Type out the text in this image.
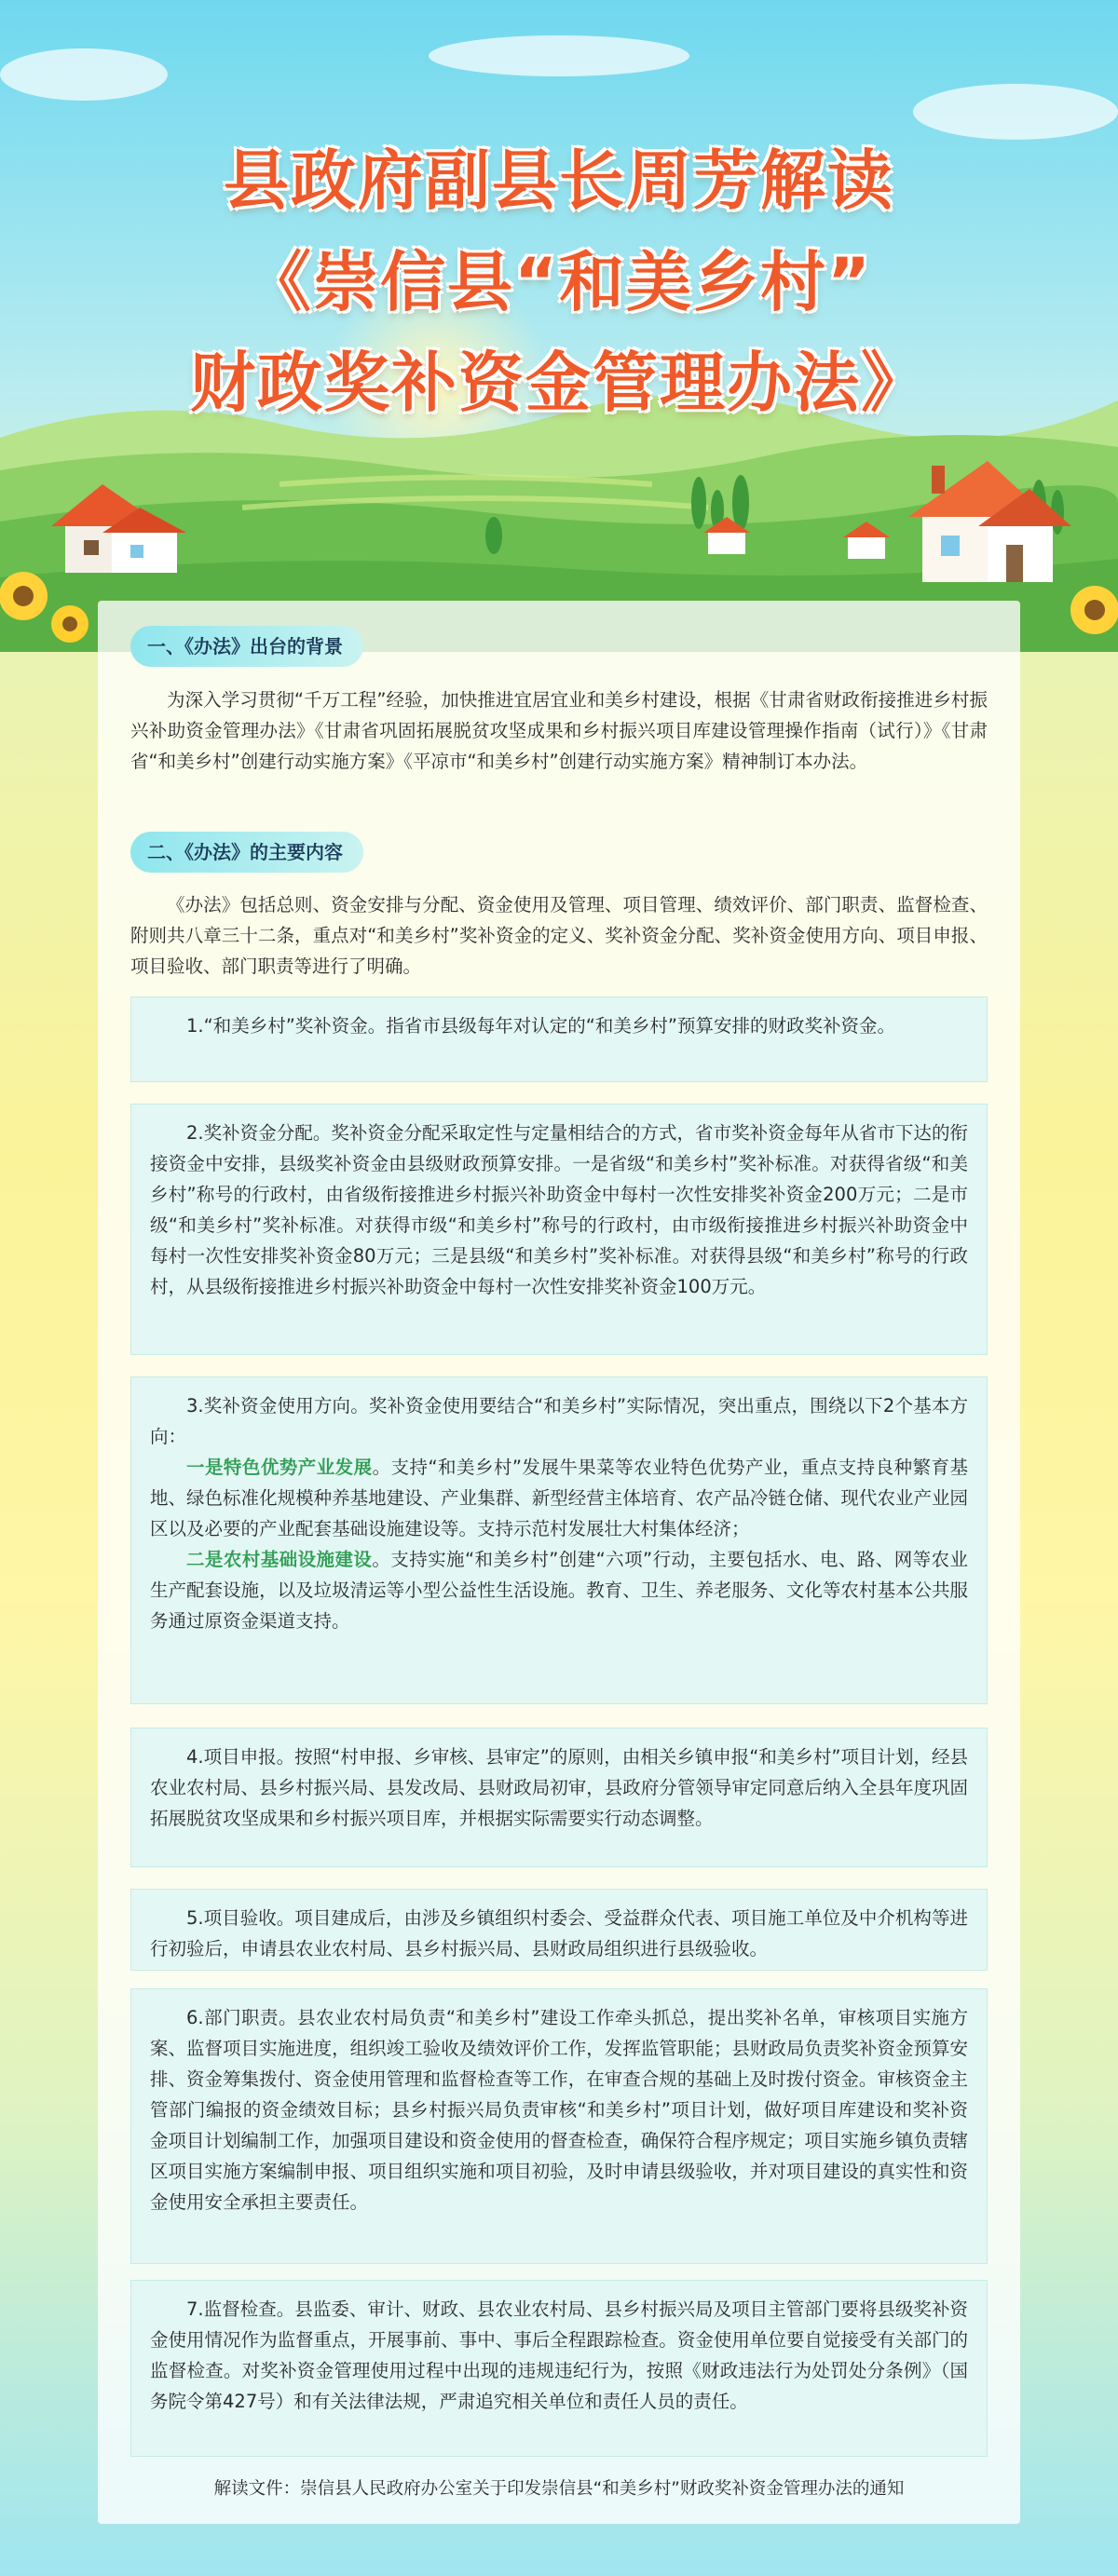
县政府副县长周芳解读
《崇信县“和美乡村”
财政奖补资金管理办法》
一、《办法》出台的背景

为深入学习贯彻“千万工程”经验，加快推进宜居宜业和美乡村建设，根据《甘肃省财政衔接推进乡村振兴补助资金管理办法》《甘肃省巩固拓展脱贫攻坚成果和乡村振兴项目库建设管理操作指南（试行）》《甘肃省“和美乡村”创建行动实施方案》《平凉市“和美乡村”创建行动实施方案》精神制订本办法。

二、《办法》的主要内容

《办法》包括总则、资金安排与分配、资金使用及管理、项目管理、绩效评价、部门职责、监督检查、附则共八章三十二条，重点对“和美乡村”奖补资金的定义、奖补资金分配、奖补资金使用方向、项目申报、项目验收、部门职责等进行了明确。

1.“和美乡村”奖补资金。指省市县级每年对认定的“和美乡村”预算安排的财政奖补资金。

2.奖补资金分配。奖补资金分配采取定性与定量相结合的方式，省市奖补资金每年从省市下达的衔接资金中安排，县级奖补资金由县级财政预算安排。一是省级“和美乡村”奖补标准。对获得省级“和美乡村”称号的行政村，由省级衔接推进乡村振兴补助资金中每村一次性安排奖补资金200万元；二是市级“和美乡村”奖补标准。对获得市级“和美乡村”称号的行政村，由市级衔接推进乡村振兴补助资金中每村一次性安排奖补资金80万元；三是县级“和美乡村”奖补标准。对获得县级“和美乡村”称号的行政村，从县级衔接推进乡村振兴补助资金中每村一次性安排奖补资金100万元。

3.奖补资金使用方向。奖补资金使用要结合“和美乡村”实际情况，突出重点，围绕以下2个基本方向：

一是特色优势产业发展。支持“和美乡村”发展牛果菜等农业特色优势产业，重点支持良种繁育基地、绿色标准化规模种养基地建设、产业集群、新型经营主体培育、农产品冷链仓储、现代农业产业园区以及必要的产业配套基础设施建设等。支持示范村发展壮大村集体经济；

二是农村基础设施建设。支持实施“和美乡村”创建“六项”行动，主要包括水、电、路、网等农业生产配套设施，以及垃圾清运等小型公益性生活设施。教育、卫生、养老服务、文化等农村基本公共服务通过原资金渠道支持。

4.项目申报。按照“村申报、乡审核、县审定”的原则，由相关乡镇申报“和美乡村”项目计划，经县农业农村局、县乡村振兴局、县发改局、县财政局初审，县政府分管领导审定同意后纳入全县年度巩固拓展脱贫攻坚成果和乡村振兴项目库，并根据实际需要实行动态调整。

5.项目验收。项目建成后，由涉及乡镇组织村委会、受益群众代表、项目施工单位及中介机构等进行初验后，申请县农业农村局、县乡村振兴局、县财政局组织进行县级验收。

6.部门职责。县农业农村局负责“和美乡村”建设工作牵头抓总，提出奖补名单，审核项目实施方案、监督项目实施进度，组织竣工验收及绩效评价工作，发挥监管职能；县财政局负责奖补资金预算安排、资金筹集拨付、资金使用管理和监督检查等工作，在审查合规的基础上及时拨付资金。审核资金主管部门编报的资金绩效目标；县乡村振兴局负责审核“和美乡村”项目计划，做好项目库建设和奖补资金项目计划编制工作，加强项目建设和资金使用的督查检查，确保符合程序规定；项目实施乡镇负责辖区项目实施方案编制申报、项目组织实施和项目初验，及时申请县级验收，并对项目建设的真实性和资金使用安全承担主要责任。

7.监督检查。县监委、审计、财政、县农业农村局、县乡村振兴局及项目主管部门要将县级奖补资金使用情况作为监督重点，开展事前、事中、事后全程跟踪检查。资金使用单位要自觉接受有关部门的监督检查。对奖补资金管理使用过程中出现的违规违纪行为，按照《财政违法行为处罚处分条例》（国务院令第427号）和有关法律法规，严肃追究相关单位和责任人员的责任。

解读文件：崇信县人民政府办公室关于印发崇信县“和美乡村”财政奖补资金管理办法的通知
